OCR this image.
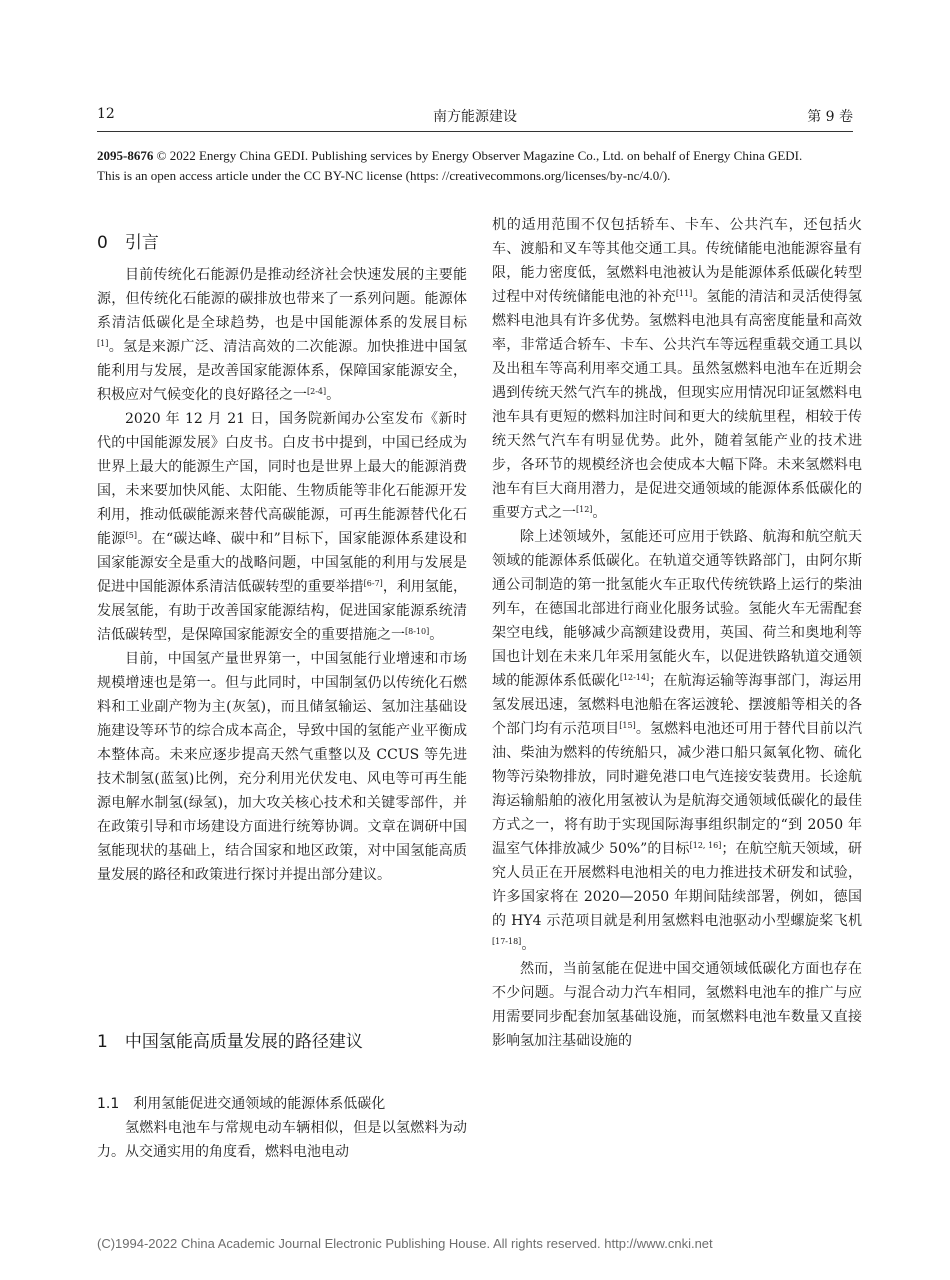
12	南方能源建设	第 9 卷
2095-8676 © 2022 Energy China GEDI. Publishing services by Energy Observer Magazine Co., Ltd. on behalf of Energy China GEDI.
This is an open access article under the CC BY-NC license (https: //creativecommons.org/licenses/by-nc/4.0/).
0　引言
1　中国氢能高质量发展的路径建议
1.1　利用氢能促进交通领域的能源体系低碳化

目前传统化石能源仍是推动经济社会快速发展的主要能源，但传统化石能源的碳排放也带来了一系列问题。能源体系清洁低碳化是全球趋势，也是中国能源体系的发展目标[1]。氢是来源广泛、清洁高效的二次能源。加快推进中国氢能利用与发展，是改善国家能源体系，保障国家能源安全，积极应对气候变化的良好路径之一[2-4]。

2020 年 12 月 21 日，国务院新闻办公室发布《新时代的中国能源发展》白皮书。白皮书中提到，中国已经成为世界上最大的能源生产国，同时也是世界上最大的能源消费国，未来要加快风能、太阳能、生物质能等非化石能源开发利用，推动低碳能源来替代高碳能源，可再生能源替代化石能源[5]。在“碳达峰、碳中和”目标下，国家能源体系建设和国家能源安全是重大的战略问题，中国氢能的利用与发展是促进中国能源体系清洁低碳转型的重要举措[6-7]，利用氢能，发展氢能，有助于改善国家能源结构，促进国家能源系统清洁低碳转型，是保障国家能源安全的重要措施之一[8-10]。

目前，中国氢产量世界第一，中国氢能行业增速和市场规模增速也是第一。但与此同时，中国制氢仍以传统化石燃料和工业副产物为主(灰氢)，而且储氢输运、氢加注基础设施建设等环节的综合成本高企，导致中国的氢能产业平衡成本整体高。未来应逐步提高天然气重整以及 CCUS 等先进技术制氢(蓝氢)比例，充分利用光伏发电、风电等可再生能源电解水制氢(绿氢)，加大攻关核心技术和关键零部件，并在政策引导和市场建设方面进行统筹协调。文章在调研中国氢能现状的基础上，结合国家和地区政策，对中国氢能高质量发展的路径和政策进行探讨并提出部分建议。

氢燃料电池车与常规电动车辆相似，但是以氢燃料为动力。从交通实用的角度看，燃料电池电动

机的适用范围不仅包括轿车、卡车、公共汽车，还包括火车、渡船和叉车等其他交通工具。传统储能电池能源容量有限，能力密度低，氢燃料电池被认为是能源体系低碳化转型过程中对传统储能电池的补充[11]。氢能的清洁和灵活使得氢燃料电池具有许多优势。氢燃料电池具有高密度能量和高效率，非常适合轿车、卡车、公共汽车等远程重载交通工具以及出租车等高利用率交通工具。虽然氢燃料电池车在近期会遇到传统天然气汽车的挑战，但现实应用情况印证氢燃料电池车具有更短的燃料加注时间和更大的续航里程，相较于传统天然气汽车有明显优势。此外，随着氢能产业的技术进步，各环节的规模经济也会使成本大幅下降。未来氢燃料电池车有巨大商用潜力，是促进交通领域的能源体系低碳化的重要方式之一[12]。

除上述领域外，氢能还可应用于铁路、航海和航空航天领域的能源体系低碳化。在轨道交通等铁路部门，由阿尔斯通公司制造的第一批氢能火车正取代传统铁路上运行的柴油列车，在德国北部进行商业化服务试验。氢能火车无需配套架空电线，能够减少高额建设费用，英国、荷兰和奥地利等国也计划在未来几年采用氢能火车，以促进铁路轨道交通领域的能源体系低碳化[12-14]；在航海运输等海事部门，海运用氢发展迅速，氢燃料电池船在客运渡轮、摆渡船等相关的各个部门均有示范项目[15]。氢燃料电池还可用于替代目前以汽油、柴油为燃料的传统船只，减少港口船只氮氧化物、硫化物等污染物排放，同时避免港口电气连接安装费用。长途航海运输船舶的液化用氢被认为是航海交通领域低碳化的最佳方式之一，将有助于实现国际海事组织制定的“到 2050 年温室气体排放减少 50%”的目标[12, 16]；在航空航天领域，研究人员正在开展燃料电池相关的电力推进技术研发和试验，许多国家将在 2020—2050 年期间陆续部署，例如，德国的 HY4 示范项目就是利用氢燃料电池驱动小型螺旋桨飞机[17-18]。

然而，当前氢能在促进中国交通领域低碳化方面也存在不少问题。与混合动力汽车相同，氢燃料电池车的推广与应用需要同步配套加氢基础设施，而氢燃料电池车数量又直接影响氢加注基础设施的

(C)1994-2022 China Academic Journal Electronic Publishing House. All rights reserved. http://www.cnki.net
